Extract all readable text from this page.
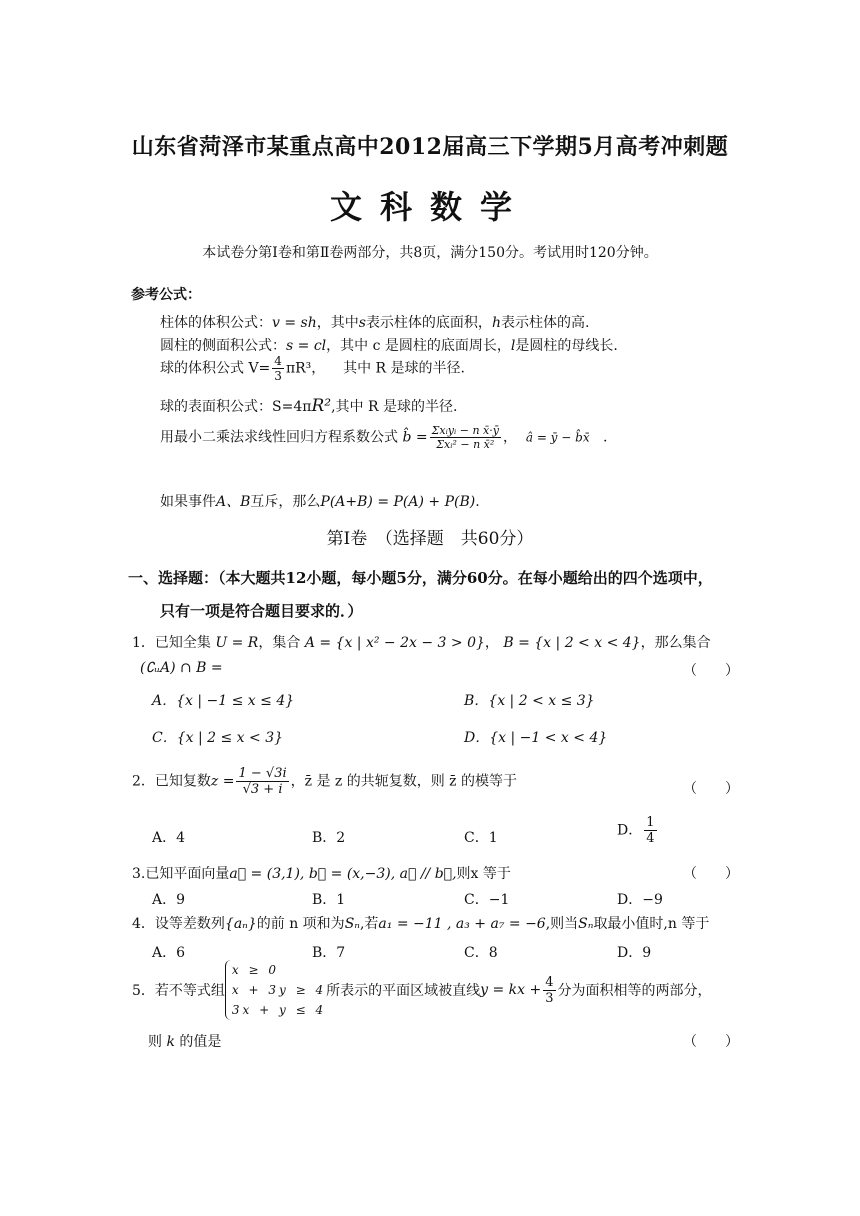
山东省菏泽市某重点高中2012届高三下学期5月高考冲刺题
文科数学
本试卷分第Ⅰ卷和第Ⅱ卷两部分，共8页，满分150分。考试用时120分钟。
参考公式：
柱体的体积公式：v = sh，其中s表示柱体的底面积，h表示柱体的高.
圆柱的侧面积公式：s = cl，其中 c 是圆柱的底面周长，l是圆柱的母线长.
球的体积公式 $V= \frac{4}{3} \pi R^3$， 其中 R 是球的半径.
球的表面积公式：S=4πR²,其中 R 是球的半径.
用最小二乘法求线性回归方程系数公式 b̂ = $\frac{\text{Σxᵢyᵢ − n x̄·ȳ}}{\text{Σxᵢ² − n x̄²}}$ ， â = ȳ − b̂x̄ .
如果事件A、B互斥，那么P(A+B) = P(A) + P(B).
第Ⅰ卷　（选择题　共60分）
一、选择题：（本大题共12小题，每小题5分，满分60分。在每小题给出的四个选项中，
只有一项是符合题目要求的．）
1．已知全集 U = R，集合 A = {x | x² − 2x − 3 > 0}， B = {x | 2 < x < 4}，那么集合
(∁ᵤA) ∩ B =	（　　）
A．{x | −1 ≤ x ≤ 4}	B．{x | 2 < x ≤ 3}
C．{x | 2 ≤ x < 3}	D．{x | −1 < x < 4}
2．已知复数$z = \frac{1 - √3i}{√3 + i}$ ，z̄ 是 z 的共轭复数，则 z̄ 的模等于	（　　）
A．4	B．2	C．1	D． $\frac{1}{4}$
3.已知平面向量a⃗ = (3,1), b⃗ = (x,−3), a⃗ // b⃗,则x 等于	（　　）
A．9	B．1	C．−1	D．−9
4．设等差数列{aₙ}的前 n 项和为Sₙ,若a₁ = −11 , a₃ + a₇ = −6,则当Sₙ取最小值时,n 等于
A．6	B．7	C．8	D．9
5．若不等式组
x ≥ 0
x + 3y ≥ 4
3x + y ≤ 4
所表示的平面区域被直线y = kx + $\frac{4}{3}$ 分为面积相等的两部分，
则 k 的值是	（　　）
